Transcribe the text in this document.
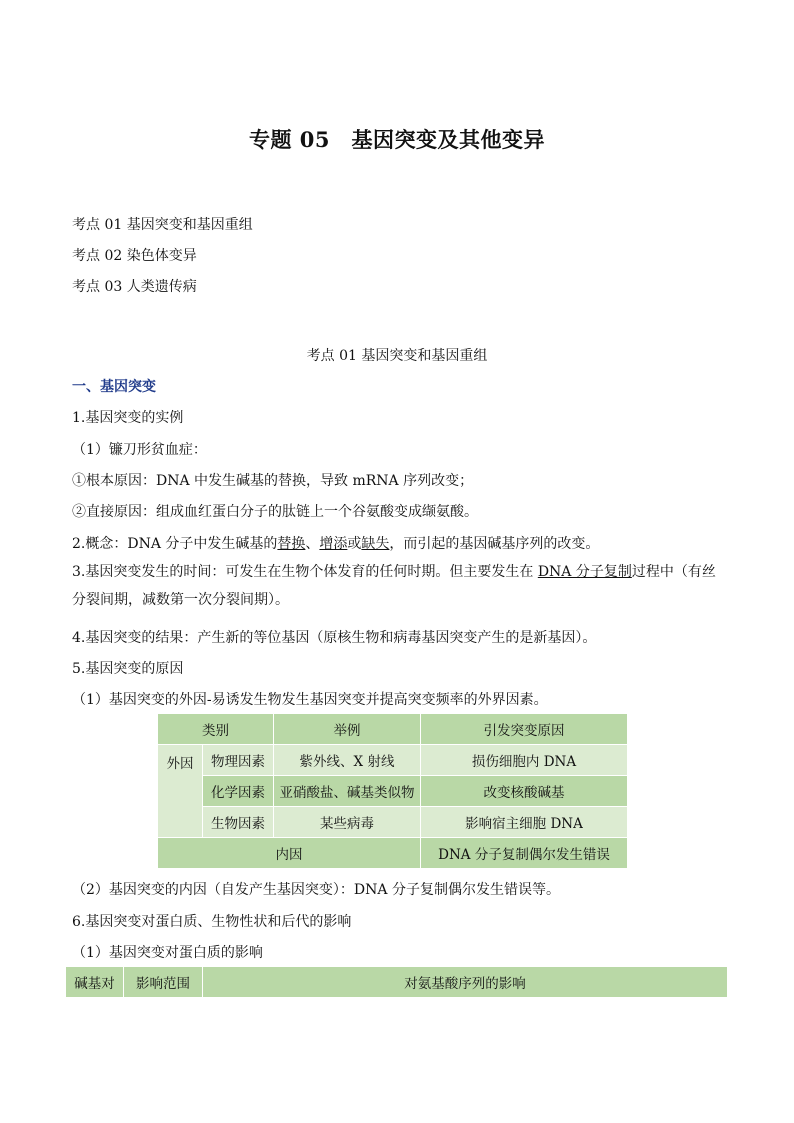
专题 05　基因突变及其他变异
考点 01 基因突变和基因重组
考点 02 染色体变异
考点 03 人类遗传病
考点 01 基因突变和基因重组
一、基因突变
1.基因突变的实例
（1）镰刀形贫血症：
①根本原因：DNA 中发生碱基的替换，导致 mRNA 序列改变；
②直接原因：组成血红蛋白分子的肽链上一个谷氨酸变成缬氨酸。
2.概念：DNA 分子中发生碱基的替换、增添或缺失，而引起的基因碱基序列的改变。
3.基因突变发生的时间：可发生在生物个体发育的任何时期。但主要发生在 DNA 分子复制过程中（有丝分裂间期，减数第一次分裂间期）。
4.基因突变的结果：产生新的等位基因（原核生物和病毒基因突变产生的是新基因）。
5.基因突变的原因
（1）基因突变的外因-易诱发生物发生基因突变并提高突变频率的外界因素。
类别		举例	引发突变原因
外因	物理因素	紫外线、X 射线	损伤细胞内 DNA
	化学因素	亚硝酸盐、碱基类似物	改变核酸碱基
	生物因素	某些病毒	影响宿主细胞 DNA
内因			DNA 分子复制偶尔发生错误
（2）基因突变的内因（自发产生基因突变）：DNA 分子复制偶尔发生错误等。
6.基因突变对蛋白质、生物性状和后代的影响
（1）基因突变对蛋白质的影响
碱基对	影响范围	对氨基酸序列的影响
